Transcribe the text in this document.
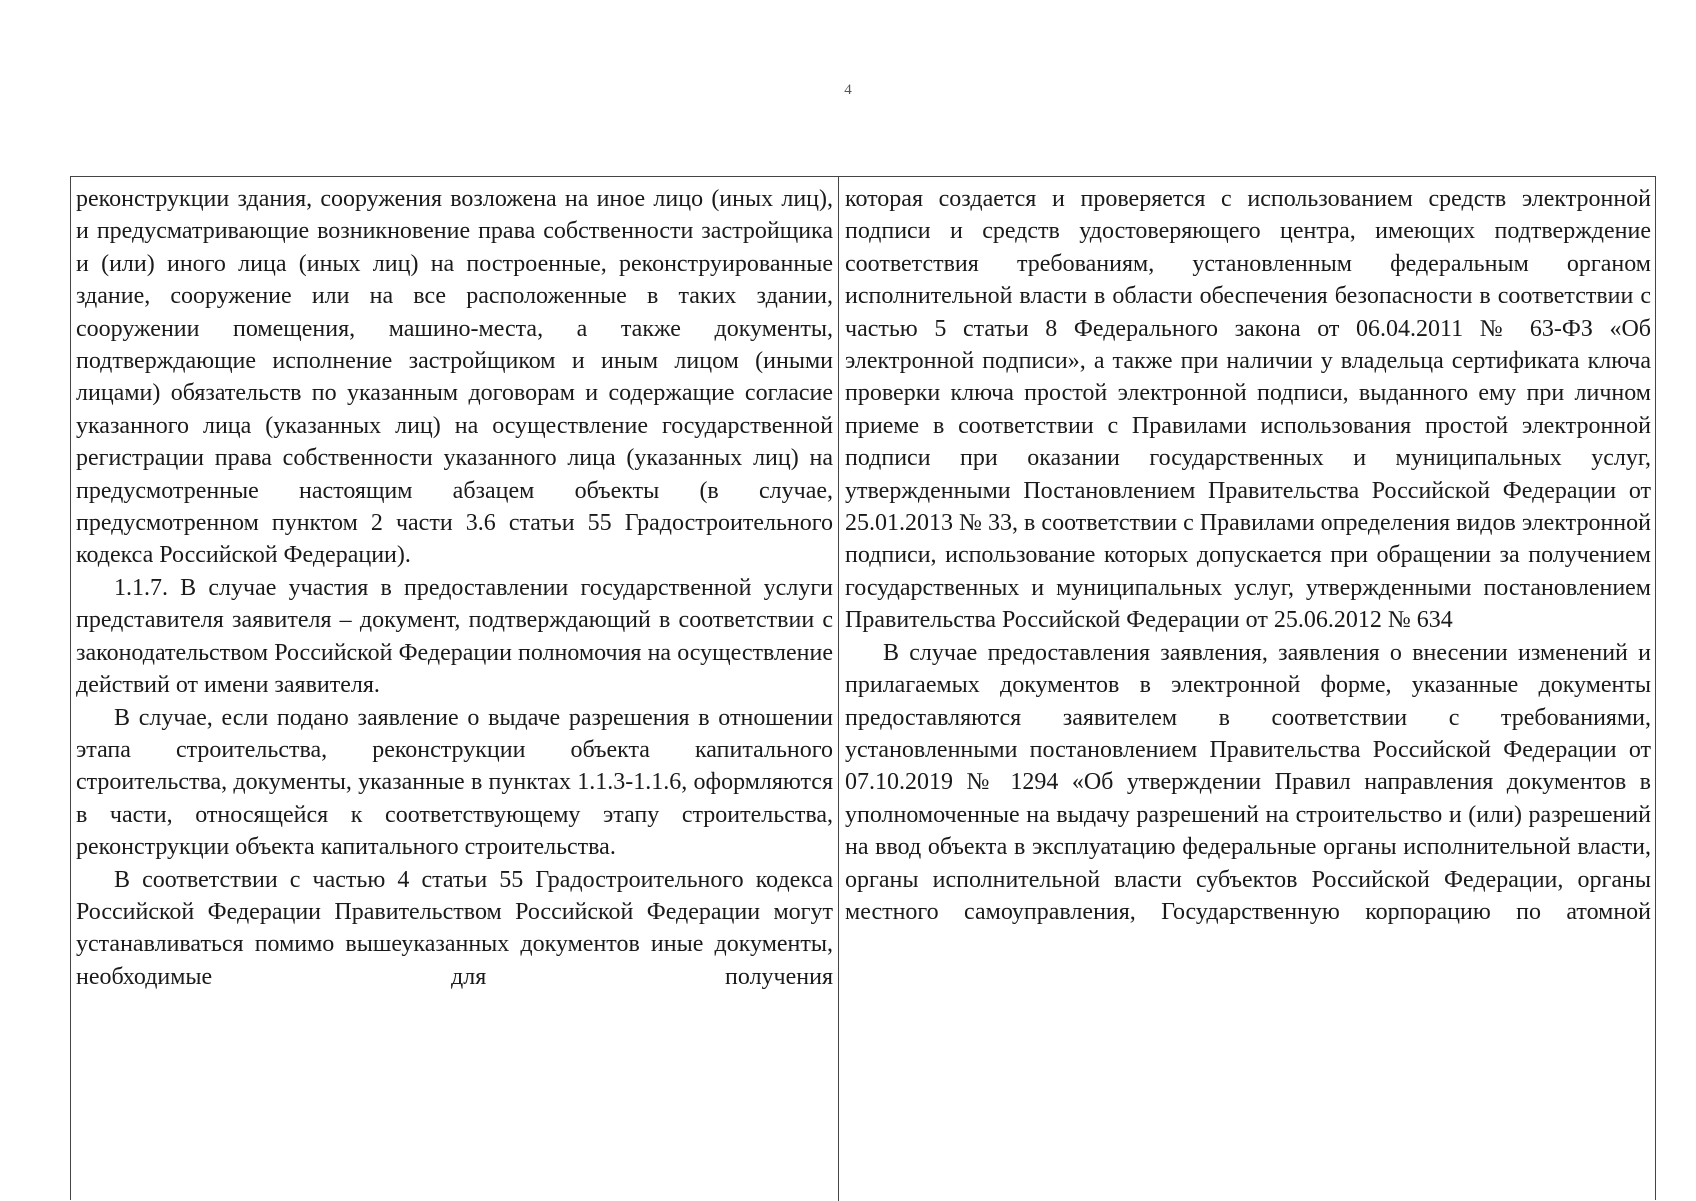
4

реконструкции здания, сооружения возложена на иное лицо (иных лиц), и предусматривающие возникновение права собственности застройщика и (или) иного лица (иных лиц) на построенные, реконструированные здание, сооружение или на все расположенные в таких здании, сооружении помещения, машино-места, а также документы, подтверждающие исполнение застройщиком и иным лицом (иными лицами) обязательств по указанным договорам и содержащие согласие указанного лица (указанных лиц) на осуществление государственной регистрации права собственности указанного лица (указанных лиц) на предусмотренные настоящим абзацем объекты (в случае, предусмотренном пунктом 2 части 3.6 статьи 55 Градостроительного кодекса Российской Федерации).

1.1.7. В случае участия в предоставлении государственной услуги представителя заявителя – документ, подтверждающий в соответствии с законодательством Российской Федерации полномочия на осуществление действий от имени заявителя.

В случае, если подано заявление о выдаче разрешения в отношении этапа строительства, реконструкции объекта капитального строительства, документы, указанные в пунктах 1.1.3-1.1.6, оформляются в части, относящейся к соответствующему этапу строительства, реконструкции объекта капитального строительства.

В соответствии с частью 4 статьи 55 Градостроительного кодекса Российской Федерации Правительством Российской Федерации могут устанавливаться помимо вышеуказанных документов иные документы, необходимые для получения

которая создается и проверяется с использованием средств электронной подписи и средств удостоверяющего центра, имеющих подтверждение соответствия требованиям, установленным федеральным органом исполнительной власти в области обеспечения безопасности в соответствии с частью 5 статьи 8 Федерального закона от 06.04.2011 № 63-ФЗ «Об электронной подписи», а также при наличии у владельца сертификата ключа проверки ключа простой электронной подписи, выданного ему при личном приеме в соответствии с Правилами использования простой электронной подписи при оказании государственных и муниципальных услуг, утвержденными Постановлением Правительства Российской Федерации от 25.01.2013 № 33, в соответствии с Правилами определения видов электронной подписи, использование которых допускается при обращении за получением государственных и муниципальных услуг, утвержденными постановлением Правительства Российской Федерации от 25.06.2012 № 634

В случае предоставления заявления, заявления о внесении изменений и прилагаемых документов в электронной форме, указанные документы предоставляются заявителем в соответствии с требованиями, установленными постановлением Правительства Российской Федерации от 07.10.2019 № 1294 «Об утверждении Правил направления документов в уполномоченные на выдачу разрешений на строительство и (или) разрешений на ввод объекта в эксплуатацию федеральные органы исполнительной власти, органы исполнительной власти субъектов Российской Федерации, органы местного самоуправления, Государственную корпорацию по атомной
